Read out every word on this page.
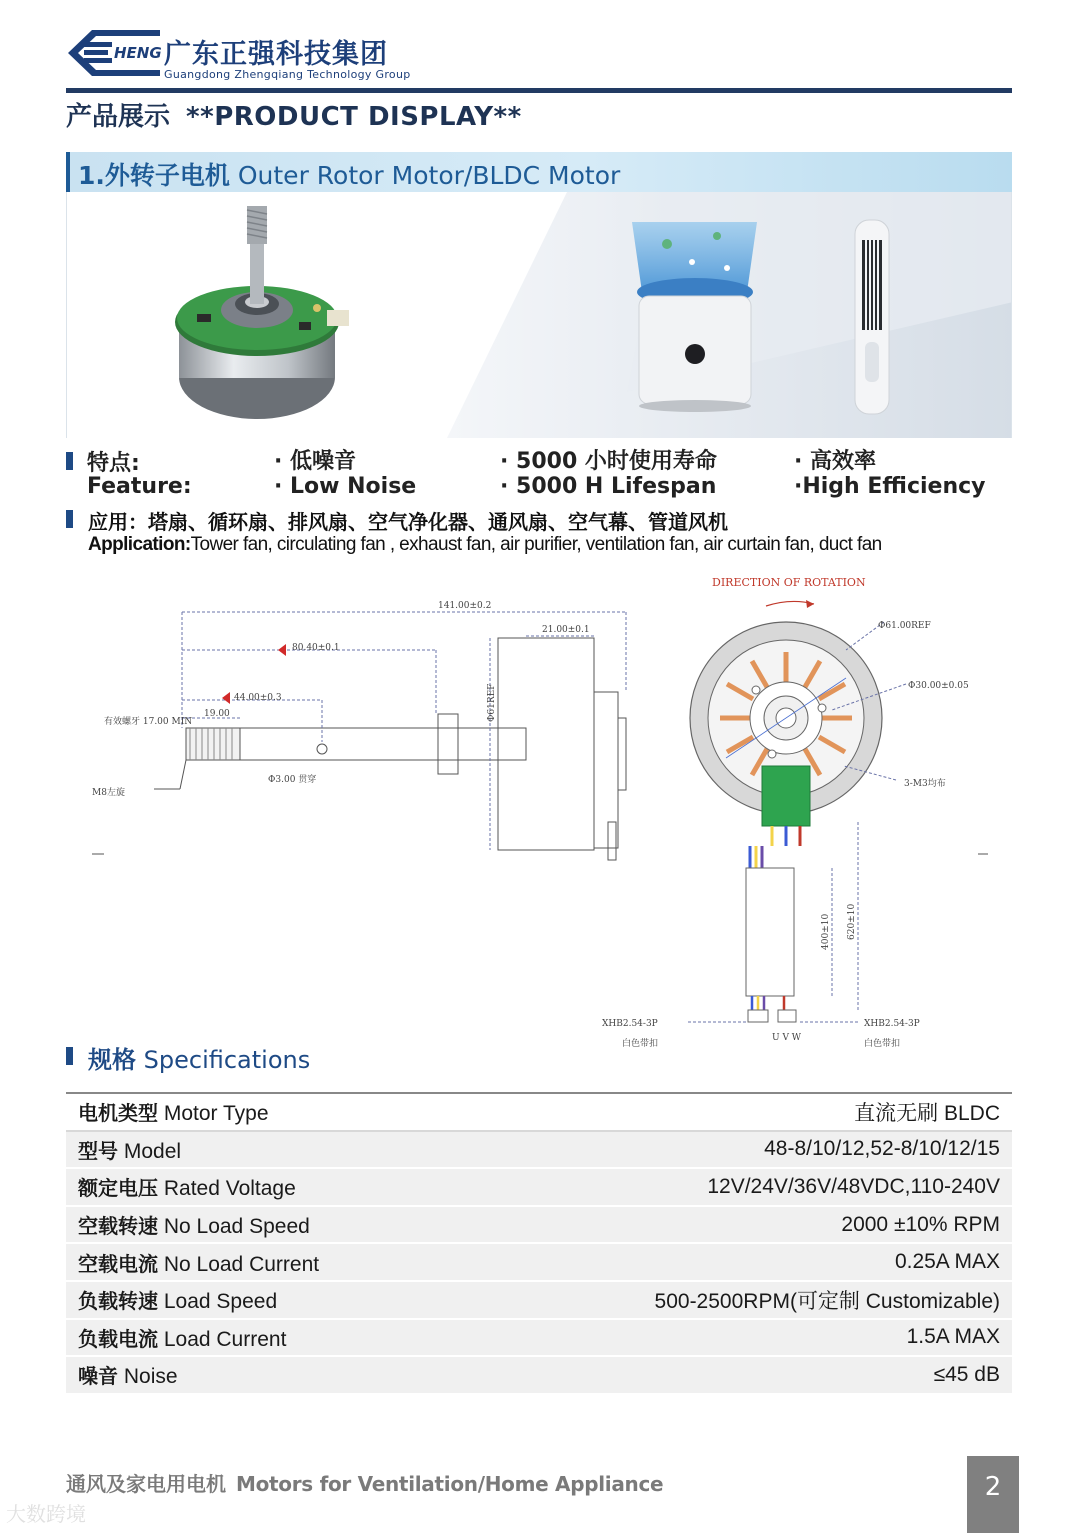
HENG 广东正强科技集团
Guangdong Zhengqiang Technology Group
产品展示 **PRODUCT DISPLAY**
1.外转子电机 Outer Rotor Motor/BLDC Motor
特点:
Feature:
· 低噪音
· Low Noise
· 5000 小时使用寿命
· 5000 H Lifespan
· 高效率
·High Efficiency
应用：塔扇、循环扇、排风扇、空气净化器、通风扇、空气幕、管道风机
Application:Tower fan, circulating fan , exhaust fan, air purifier, ventilation fan, air curtain fan, duct fan
141.00±0.2
21.00±0.1
80.40±0.1
44.00±0.3
19.00
有效螺牙 17.00 MIN
Φ3.00 贯穿
Φ61REF
M8左旋
DIRECTION OF ROTATION
Φ61.00REF
Φ30.00±0.05
3-M3均布
400±10 620±10
XHB2.54-3P
白色带扣
XHB2.54-3P
白色带扣
U V W
规格 Specifications
电机类型 Motor Type	直流无刷 BLDC
型号 Model	48-8/10/12,52-8/10/12/15
额定电压 Rated Voltage	12V/24V/36V/48VDC,110-240V
空载转速 No Load Speed	2000 ±10% RPM
空载电流 No Load Current	0.25A MAX
负载转速 Load Speed	500-2500RPM(可定制 Customizable)
负载电流 Load Current	1.5A MAX
噪音 Noise	≤45 dB
通风及家电用电机 Motors for Ventilation/Home Appliance	2
大数跨境
